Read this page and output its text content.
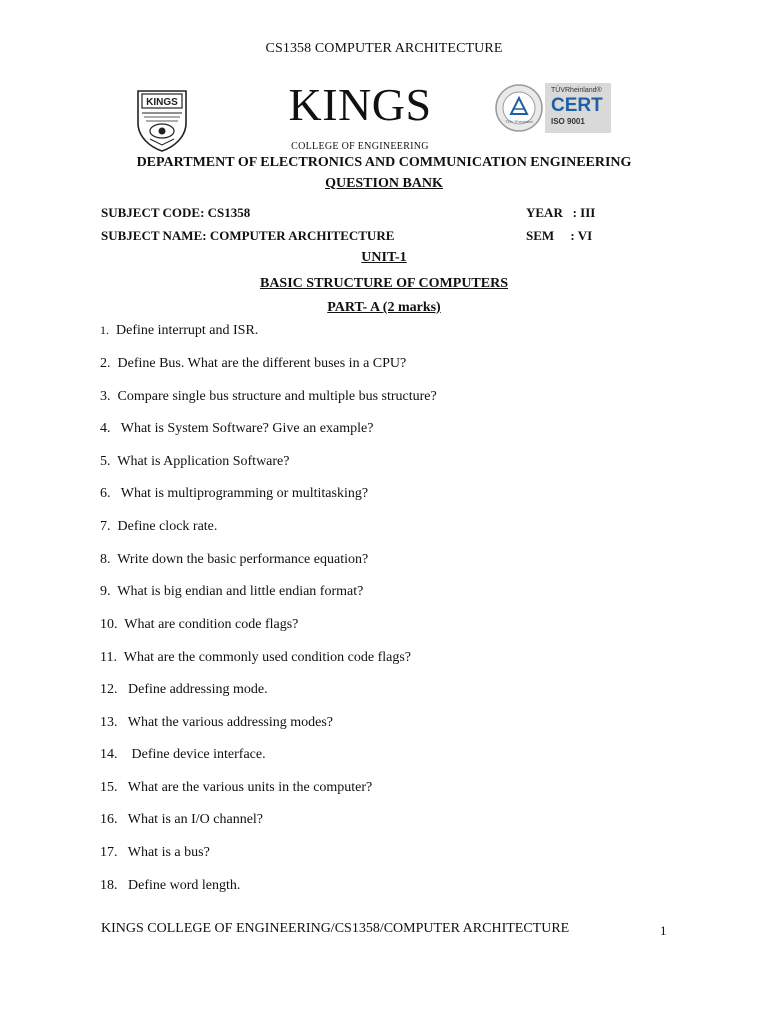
CS1358 COMPUTER ARCHITECTURE
KINGS	KINGS
COLLEGE OF ENGINEERING
TÜV Rheinland
TÜVRheinland®
CERT
ISO 9001
DEPARTMENT OF ELECTRONICS AND COMMUNICATION ENGINEERING
QUESTION BANK
SUBJECT CODE: CS1358	YEAR   : III
SUBJECT NAME: COMPUTER ARCHITECTURE	SEM     : VI
UNIT-1
BASIC STRUCTURE OF COMPUTERS
PART- A (2 marks)
1.  Define interrupt and ISR.
2.  Define Bus. What are the different buses in a CPU?
3.  Compare single bus structure and multiple bus structure?
4.   What is System Software? Give an example?
5.  What is Application Software?
6.   What is multiprogramming or multitasking?
7.  Define clock rate.
8.  Write down the basic performance equation?
9.  What is big endian and little endian format?
10.  What are condition code flags?
11.  What are the commonly used condition code flags?
12.   Define addressing mode.
13.   What the various addressing modes?
14.    Define device interface.
15.   What are the various units in the computer?
16.   What is an I/O channel?
17.   What is a bus?
18.   Define word length.
KINGS COLLEGE OF ENGINEERING/CS1358/COMPUTER ARCHITECTURE	1
